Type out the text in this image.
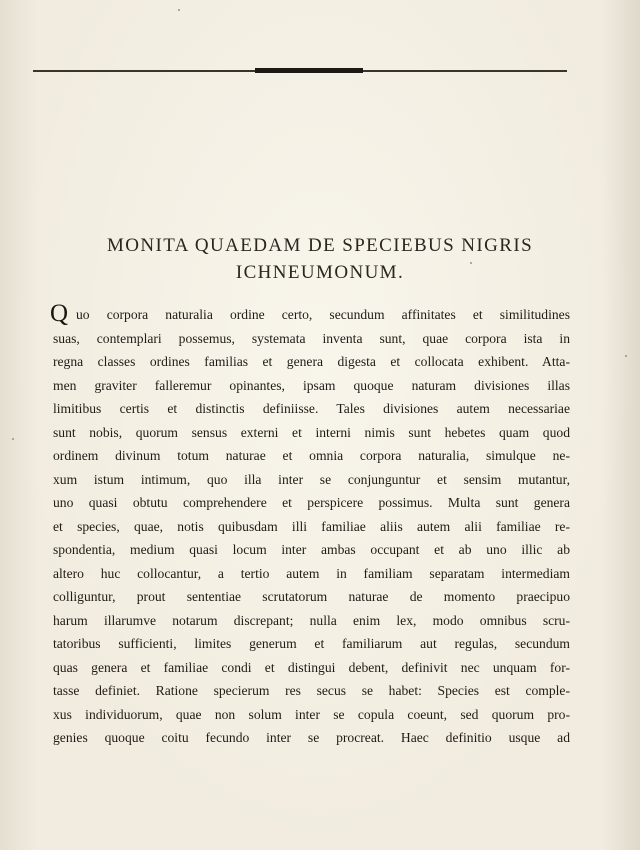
MONITA QUAEDAM DE SPECIEBUS NIGRIS
ICHNEUMONUM.
Q uo corpora naturalia ordine certo, secundum affinitates et similitudines
suas, contemplari possemus, systemata inventa sunt, quae corpora ista in
regna classes ordines familias et genera digesta et collocata exhibent. Atta-
men graviter falleremur opinantes, ipsam quoque naturam divisiones illas
limitibus certis et distinctis definiisse. Tales divisiones autem necessariae
sunt nobis, quorum sensus externi et interni nimis sunt hebetes quam quod
ordinem divinum totum naturae et omnia corpora naturalia, simulque ne-
xum istum intimum, quo illa inter se conjunguntur et sensim mutantur,
uno quasi obtutu comprehendere et perspicere possimus. Multa sunt genera
et species, quae, notis quibusdam illi familiae aliis autem alii familiae re-
spondentia, medium quasi locum inter ambas occupant et ab uno illic ab
altero huc collocantur, a tertio autem in familiam separatam intermediam
colliguntur, prout sententiae scrutatorum naturae de momento praecipuo
harum illarumve notarum discrepant; nulla enim lex, modo omnibus scru-
tatoribus sufficienti, limites generum et familiarum aut regulas, secundum
quas genera et familiae condi et distingui debent, definivit nec unquam for-
tasse definiet. Ratione specierum res secus se habet: Species est comple-
xus individuorum, quae non solum inter se copula coeunt, sed quorum pro-
genies quoque coitu fecundo inter se procreat. Haec definitio usque ad
